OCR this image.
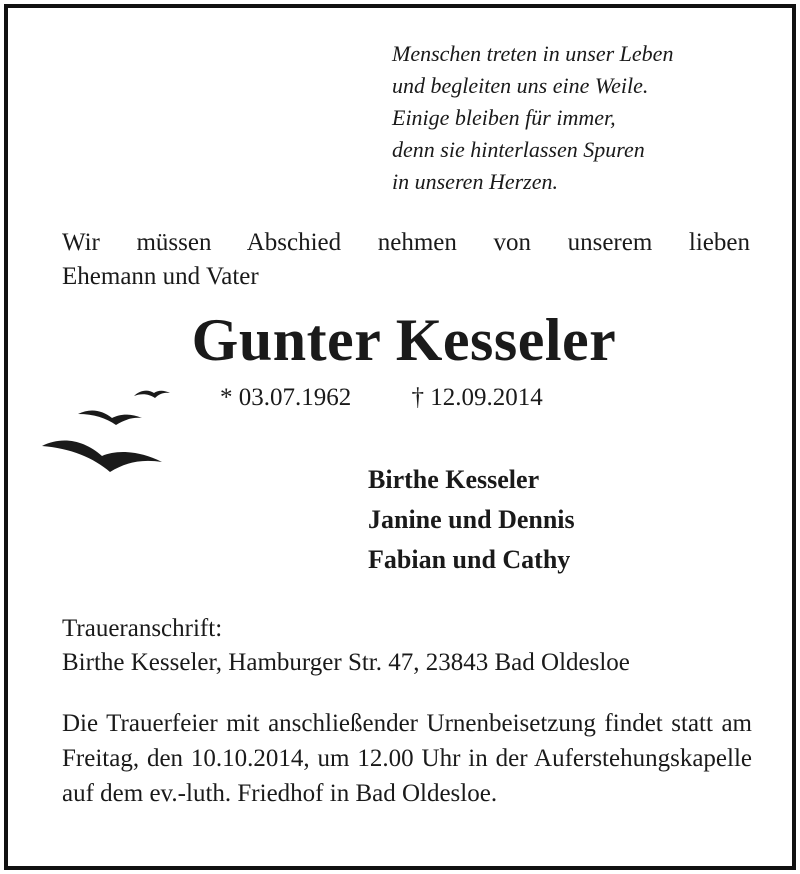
Menschen treten in unser Leben
und begleiten uns eine Weile.
Einige bleiben für immer,
denn sie hinterlassen Spuren
in unseren Herzen.
Wir müssen Abschied nehmen von unserem lieben
Ehemann und Vater
Gunter Kesseler
* 03.07.1962 † 12.09.2014
Birthe Kesseler
Janine und Dennis
Fabian und Cathy
Traueranschrift:
Birthe Kesseler, Hamburger Str. 47, 23843 Bad Oldesloe
Die Trauerfeier mit anschließender Urnenbeisetzung findet statt am Freitag, den 10.10.2014, um 12.00 Uhr in der Auferstehungskapelle auf dem ev.-luth. Friedhof in Bad Oldesloe.
